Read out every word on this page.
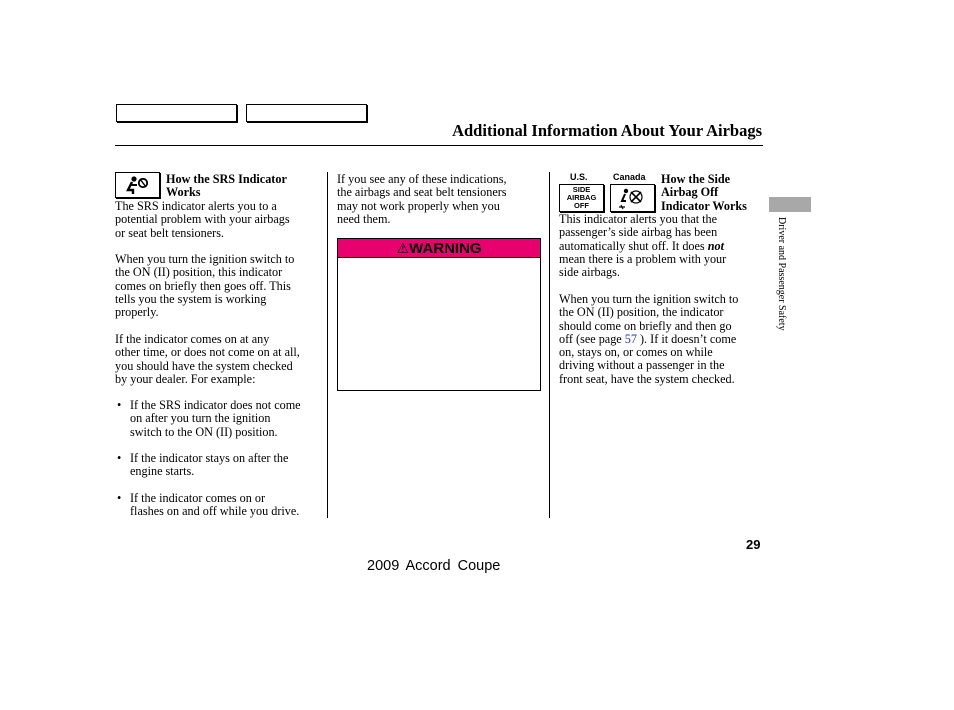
Additional Information About Your Airbags
How the SRS Indicator
Works
The SRS indicator alerts you to a
potential problem with your airbags
or seat belt tensioners.
When you turn the ignition switch to
the ON (II) position, this indicator
comes on briefly then goes off. This
tells you the system is working
properly.
If the indicator comes on at any
other time, or does not come on at all,
you should have the system checked
by your dealer. For example:
• If the SRS indicator does not come
on after you turn the ignition
switch to the ON (II) position.
• If the indicator stays on after the
engine starts.
• If the indicator comes on or
flashes on and off while you drive.
If you see any of these indications,
the airbags and seat belt tensioners
may not work properly when you
need them.
⚠WARNING
U.S.	Canada
SIDE
AIRBAG
OFF
How the Side
Airbag Off
Indicator Works
This indicator alerts you that the
passenger’s side airbag has been
automatically shut off. It does not
mean there is a problem with your
side airbags.
When you turn the ignition switch to
the ON (II) position, the indicator
should come on briefly and then go
off (see page 57 ). If it doesn’t come
on, stays on, or comes on while
driving without a passenger in the
front seat, have the system checked.
Driver and Passenger Safety
29
2009 Accord Coupe
